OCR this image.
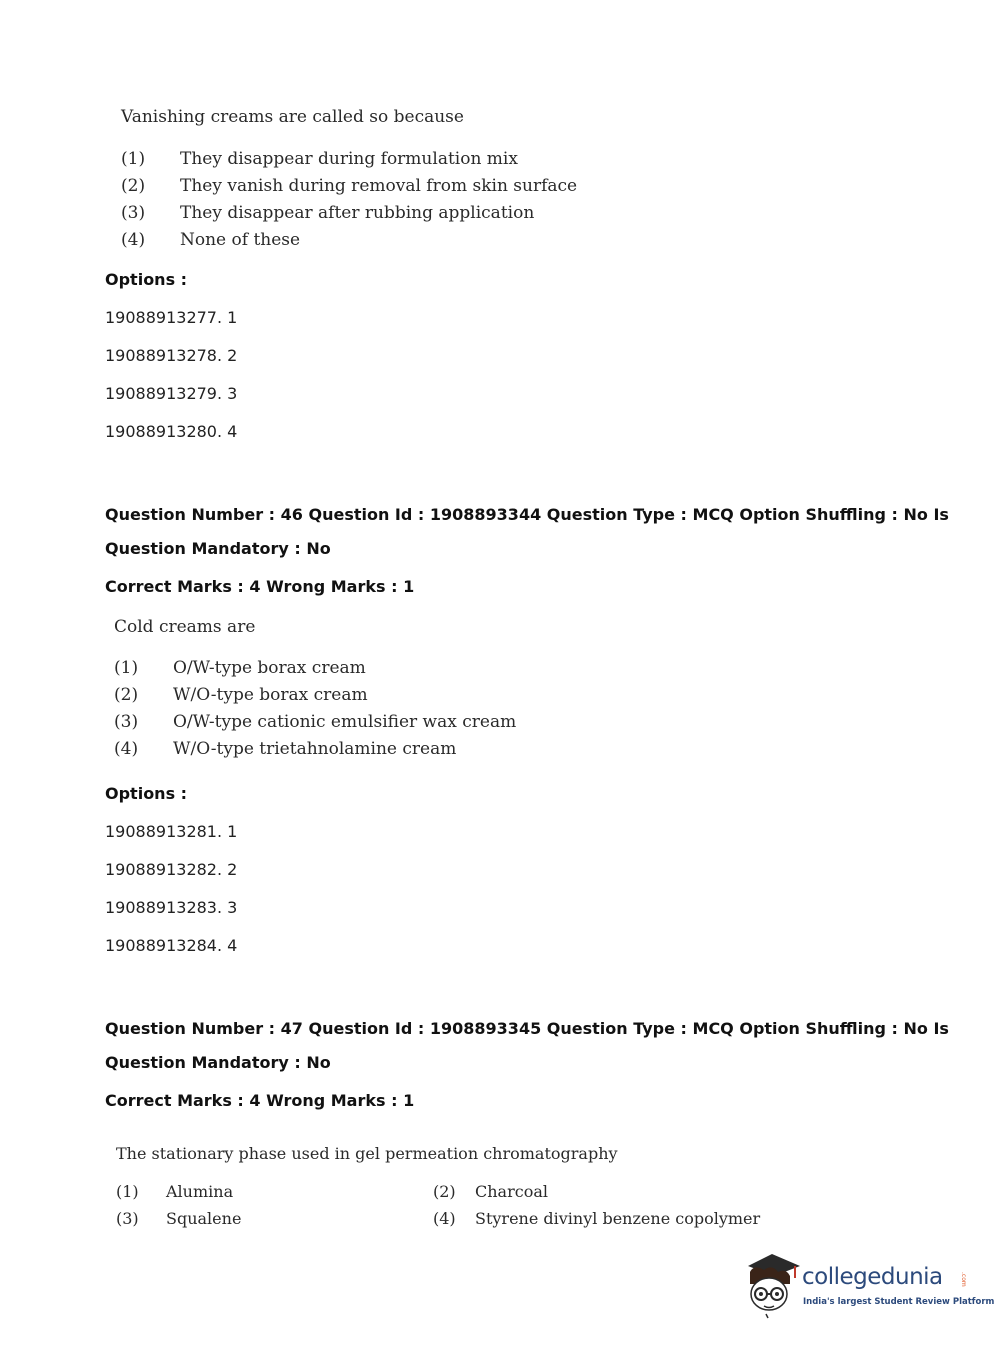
Vanishing creams are called so because
(1) They disappear during formulation mix
(2) They vanish during removal from skin surface
(3) They disappear after rubbing application
(4) None of these
Options :
19088913277. 1
19088913278. 2
19088913279. 3
19088913280. 4
Question Number : 46 Question Id : 1908893344 Question Type : MCQ Option Shuffling : No Is
Question Mandatory : No
Correct Marks : 4 Wrong Marks : 1
Cold creams are
(1) O/W-type borax cream
(2) W/O-type borax cream
(3) O/W-type cationic emulsifier wax cream
(4) W/O-type trietahnolamine cream
Options :
19088913281. 1
19088913282. 2
19088913283. 3
19088913284. 4
Question Number : 47 Question Id : 1908893345 Question Type : MCQ Option Shuffling : No Is
Question Mandatory : No
Correct Marks : 4 Wrong Marks : 1
The stationary phase used in gel permeation chromatography
(1) Alumina	(2) Charcoal
(3) Squalene	(4) Styrene divinyl benzene copolymer
collegedunia	.com
India's largest Student Review Platform
